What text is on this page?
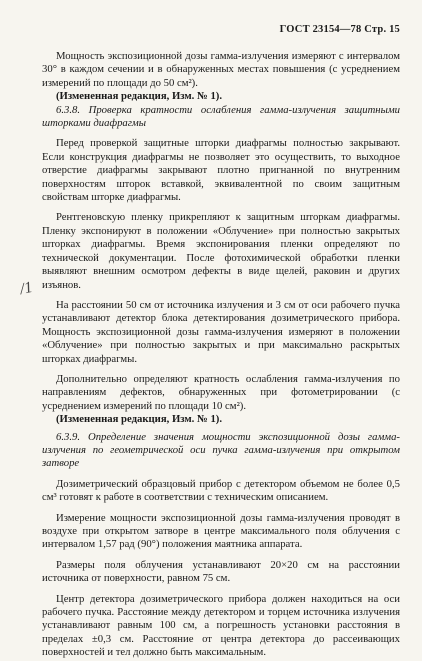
ГОСТ 23154—78 Стр. 15
/1

Мощность экспозиционной дозы гамма-излучения измеряют с интервалом 30° в каждом сечении и в обнаруженных местах повышения (с усреднением измерений по площади до 50 см²).

(Измененная редакция, Изм. № 1).

6.3.8. Проверка кратности ослабления гамма-излучения защитными шторками диафрагмы

Перед проверкой защитные шторки диафрагмы полностью закрывают. Если конструкция диафрагмы не позволяет это осуществить, то выходное отверстие диафрагмы закрывают плотно пригнанной по внутренним поверхностям шторок вставкой, эквивалентной по своим защитным свойствам шторке диафрагмы.

Рентгеновскую пленку прикрепляют к защитным шторкам диафрагмы. Пленку экспонируют в положении «Облучение» при полностью закрытых шторках диафрагмы. Время экспонирования пленки определяют по технической документации. После фотохимической обработки пленки выявляют внешним осмотром дефекты в виде щелей, раковин и других изъянов.

На расстоянии 50 см от источника излучения и 3 см от оси рабочего пучка устанавливают детектор блока детектирования дозиметрического прибора. Мощность экспозиционной дозы гамма-излучения измеряют в положении «Облучение» при полностью закрытых и при максимально раскрытых шторках диафрагмы.

Дополнительно определяют кратность ослабления гамма-излучения по направлениям дефектов, обнаруженных при фотометрировании (с усреднением измерений по площади 10 см²).

(Измененная редакция, Изм. № 1).

6.3.9. Определение значения мощности экспозиционной дозы гамма-излучения по геометрической оси пучка гамма-излучения при открытом затворе

Дозиметрический образцовый прибор с детектором объемом не более 0,5 см³ готовят к работе в соответствии с техническим описанием.

Измерение мощности экспозиционной дозы гамма-излучения проводят в воздухе при открытом затворе в центре максимального поля облучения с интервалом 1,57 рад (90°) положения маятника аппарата.

Размеры поля облучения устанавливают 20×20 см на расстоянии источника от поверхности, равном 75 см.

Центр детектора дозиметрического прибора должен находиться на оси рабочего пучка. Расстояние между детектором и торцем источника излучения устанавливают равным 100 см, а погрешность установки расстояния в пределах ±0,3 см. Расстояние от центра детектора до рассеивающих поверхностей и тел должно быть максимальным.
